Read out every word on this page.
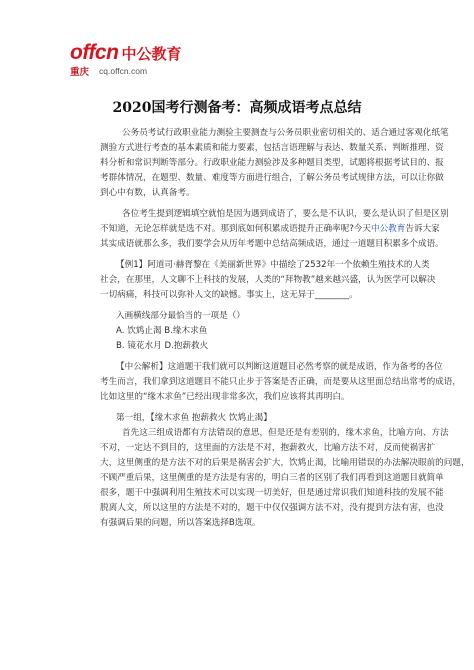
offcn 中公教育
重庆 cq.offcn.com
2020国考行测备考：高频成语考点总结
公务员考试行政职业能力测验主要测查与公务员职业密切相关的、适合通过客观化纸笔
测验方式进行考查的基本素质和能力要素，包括言语理解与表达、数量关系、判断推理、资
料分析和常识判断等部分。行政职业能力测验涉及多种题目类型，试题将根据考试目的、报
考群体情况，在题型、数量、难度等方面进行组合，了解公务员考试规律方法，可以让你做
到心中有数，认真备考。
各位考生提到逻辑填空就怕是因为遇到成语了，要么是不认识，要么是认识了但是区别
不知道，无论怎样就是选不对。那到底如何积累成语提升正确率呢?今天中公教育告诉大家
其实成语就那么多，我们要学会从历年考题中总结高频成语，通过一道题目积累多个成语。
【例1】阿道司·赫胥黎在《美丽新世界》中描绘了2532年一个依赖生殖技术的人类
社会，在那里，人文聊不上科技的发展，人类的“拜物教”越来越兴盛，认为医学可以解决
一切病痛，科技可以弥补人文的缺憾。事实上，这无异于________。
入画横线部分最恰当的一项是（）
A. 饮鸩止渴 B.缘木求鱼
B. 镜花水月 D.抱薪救火
【中公解析】这道题干我们就可以判断这道题目必然考察的就是成语，作为备考的各位
考生而言，我们拿到这道题目不能只止步于答案是否正确，而是要从这里面总结出常考的成语，
比如这里的“缘木求鱼”已经出现非常多次，我们应该将其再明白。
第一组，【缘木求鱼 抱薪救火 饮鸩止渴】
首先这三组成语都有方法错误的意思，但是还是有差别的，缘木求鱼，比喻方向、方法
不对，一定达不到目的，这里面的方法是不对，抱薪救火，比喻方法不对，反而使祸害扩
大，这里侧重的是方法不对的后果是祸害会扩大，饮鸩止渴，比喻用错误的办法解决眼前的问题，
不顾严重后果，这里侧重的是方法是有害的，明白三者的区别了我们再看到这道题目就简单
很多，题干中强调利用生殖技术可以实现一切美好，但是通过常识我们知道科技的发展不能
脱离人文，所以这里的方法是不对的，题干中仅仅强调方法不对，没有提到方法有害，也没
有强调后果的问题，所以答案选择B选项。
